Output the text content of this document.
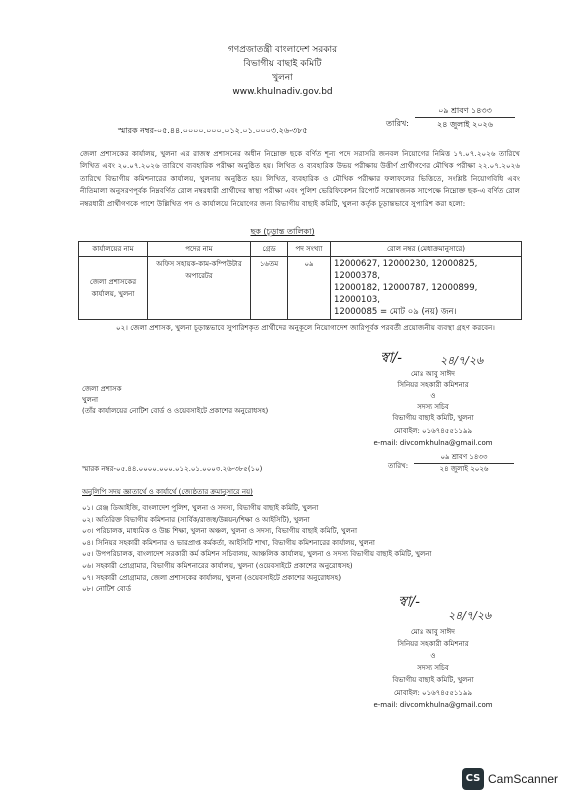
গণপ্রজাতন্ত্রী বাংলাদেশ সরকার
বিভাগীয় বাছাই কমিটি
খুলনা
www.khulnadiv.gov.bd
স্মারক নম্বর-০৫.৪৪.০০০০.০০০.০১২.০১.০০০৩.২৬-৩৮৫
তারিখ:
০৯ শ্রাবণ ১৪৩৩
২৪ জুলাই ২০২৬
জেলা প্রশাসকের কার্যালয়, খুলনা এর রাজস্ব প্রশাসনের অধীন নিম্নোক্ত ছকে বর্ণিত শূন্য পদে সরাসরি জনবল নিয়োগের নিমিত্ত ১৭.০৭.২০২৬ তারিখে লিখিত এবং ২০.০৭.২০২৬ তারিখে ব্যবহারিক পরীক্ষা অনুষ্ঠিত হয়। লিখিত ও ব্যবহারিক উভয় পরীক্ষায় উত্তীর্ণ প্রার্থীগণের মৌখিক পরীক্ষা ২২.০৭.২০২৬ তারিখে বিভাগীয় কমিশনারের কার্যালয়, খুলনায় অনুষ্ঠিত হয়। লিখিত, ব্যবহারিক ও মৌখিক পরীক্ষার ফলাফলের ভিত্তিতে, সংশ্লিষ্ট নিয়োগবিধি এবং নীতিমালা অনুসরণপূর্বক নিম্নবর্ণিত রোল নম্বরধারী প্রার্থীদের স্বাস্থ্য পরীক্ষা এবং পুলিশ ভেরিফিকেশন রিপোর্ট সন্তোষজনক সাপেক্ষে নিম্নোক্ত ছক-এ বর্ণিত রোল নম্বরধারী প্রার্থীগণকে পাশে উল্লিখিত পদ ও কার্যালয়ে নিয়োগের জন্য বিভাগীয় বাছাই কমিটি, খুলনা কর্তৃক চূড়ান্তভাবে সুপারিশ করা হলো:
ছক (চূড়ান্ত তালিকা)
কার্যালয়ের নাম	পদের নাম	গ্রেড	পদ সংখ্যা	রোল নম্বর (মেধাক্রমানুসারে)
জেলা প্রশাসকের কার্যালয়, খুলনা	অফিস সহায়ক-কাম-কম্পিউটার অপারেটর	১৬তম	০৯	12000627, 12000230, 12000825, 12000378,
12000182, 12000787, 12000899, 12000103,
12000085 = মোট ০৯ (নয়) জন।
০২। জেলা প্রশাসক, খুলনা চূড়ান্তভাবে সুপারিশকৃত প্রার্থীদের অনুকূলে নিয়োগাদেশ জারিপূর্বক পরবর্তী প্রয়োজনীয় ব্যবস্থা গ্রহণ করবেন।
স্বা/-	২৪/৭/২৬
মোঃ আবু সাঈদ
সিনিয়র সহকারী কমিশনার
ও
সদস্য সচিব
বিভাগীয় বাছাই কমিটি, খুলনা
মোবাইল: ০১৬৭৪৫৫১১৯৯
e-mail: divcomkhulna@gmail.com
জেলা প্রশাসক
খুলনা
(তাঁর কার্যালয়ের নোটিশ বোর্ড ও ওয়েবসাইটে প্রকাশের অনুরোধসহ)
স্মারক নম্বর-০৫.৪৪.০০০০.০০০.০১২.০১.০০০৩.২৬-৩৮৫(১০)	তারিখ:
০৯ শ্রাবণ ১৪৩৩
২৪ জুলাই ২০২৬
অনুলিপি সদয় জ্ঞাতার্থে ও কার্যার্থে (জ্যেষ্ঠতার ক্রমানুসারে নয়)
০১। রেঞ্জ ডিআইজি, বাংলাদেশ পুলিশ, খুলনা ও সদস্য, বিভাগীয় বাছাই কমিটি, খুলনা
০২। অতিরিক্ত বিভাগীয় কমিশনার (সার্বিক/রাজস্ব/উন্নয়ন/শিক্ষা ও আইসিটি), খুলনা
০৩। পরিচালক, মাধ্যমিক ও উচ্চ শিক্ষা, খুলনা অঞ্চল, খুলনা ও সদস্য, বিভাগীয় বাছাই কমিটি, খুলনা
০৪। সিনিয়র সহকারী কমিশনার ও ভারপ্রাপ্ত কর্মকর্তা, আইসিটি শাখা, বিভাগীয় কমিশনারের কার্যালয়, খুলনা
০৫। উপপরিচালক, বাংলাদেশ সরকারী কর্ম কমিশন সচিবালয়, আঞ্চলিক কার্যালয়, খুলনা ও সদস্য বিভাগীয় বাছাই কমিটি, খুলনা
০৬। সহকারী প্রোগ্রামার, বিভাগীয় কমিশনারের কার্যালয়, খুলনা (ওয়েবসাইটে প্রকাশের অনুরোধসহ)
০৭। সহকারী প্রোগ্রামার, জেলা প্রশাসকের কার্যালয়, খুলনা (ওয়েবসাইটে প্রকাশের অনুরোধসহ)
০৮। নোটিশ বোর্ড
স্বা/-
২৪/৭/২৬
মোঃ আবু সাঈদ
সিনিয়র সহকারী কমিশনার
ও
সদস্য সচিব
বিভাগীয় বাছাই কমিটি, খুলনা
মোবাইল: ০১৬৭৪৫৫১১৯৯
e-mail: divcomkhulna@gmail.com
CS CamScanner
